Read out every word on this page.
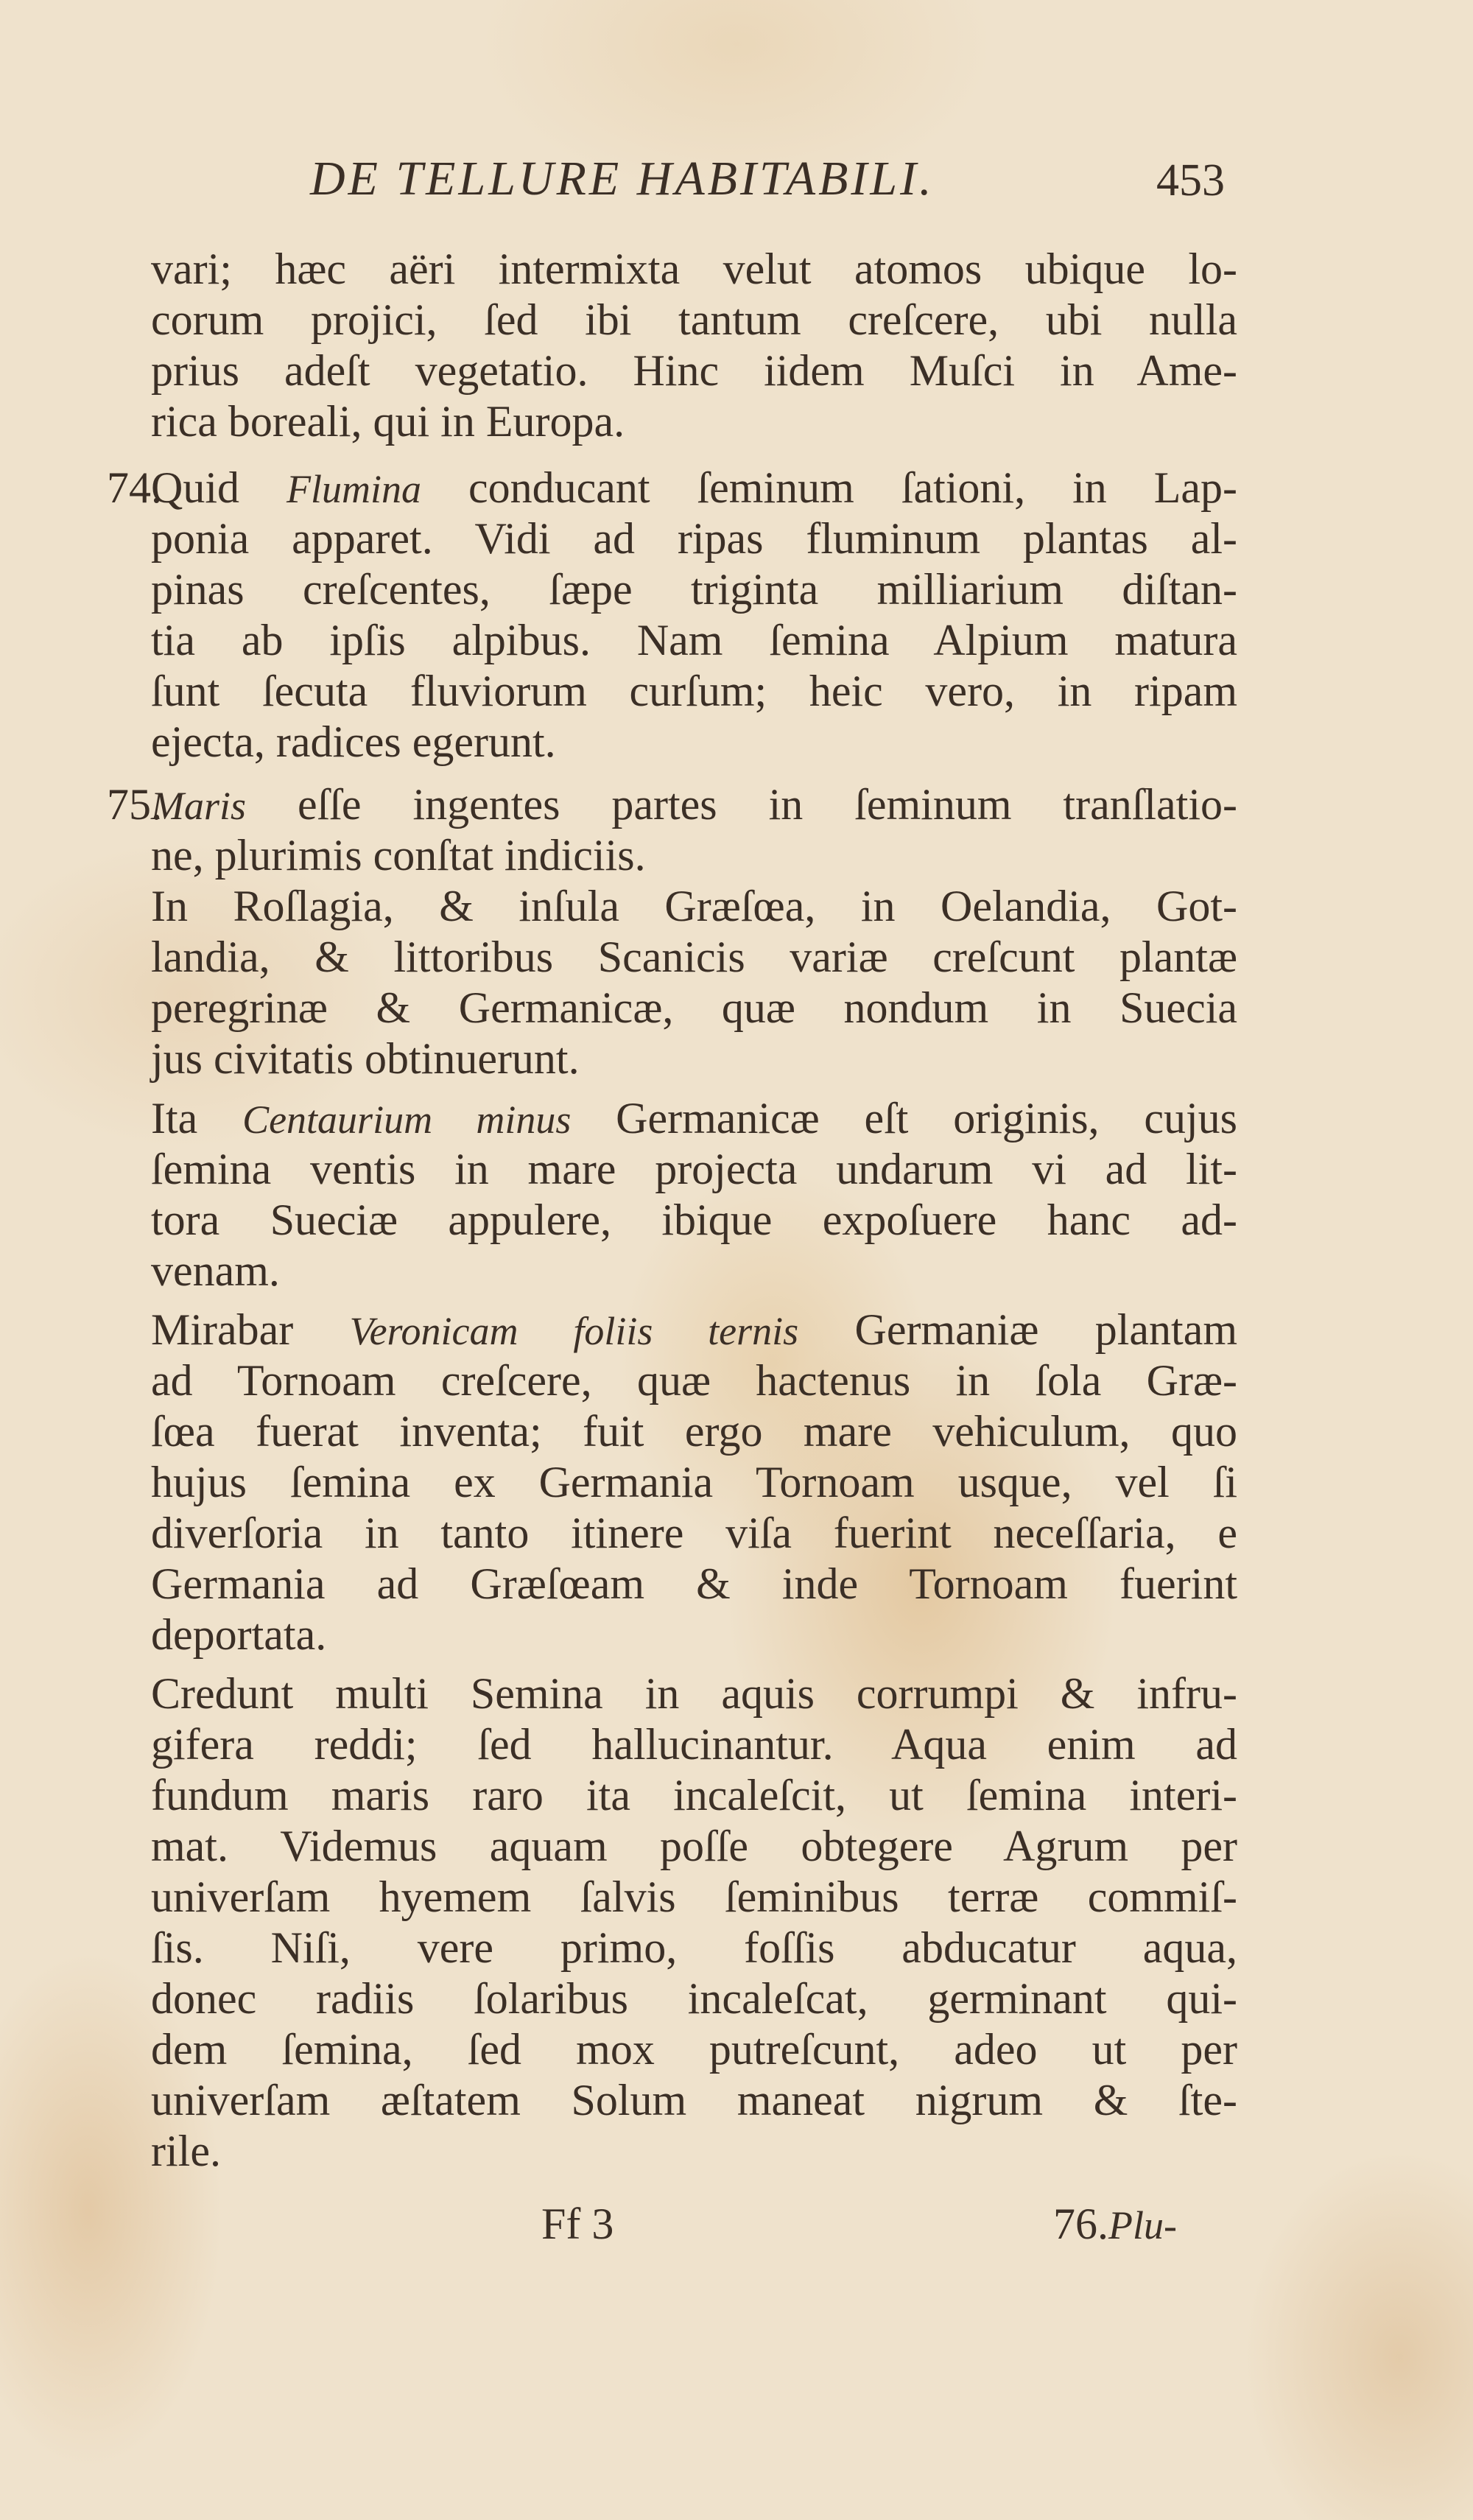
DE TELLURE HABITABILI.	453
vari; hæc aëri intermixta velut atomos ubique lo-
corum projici, ſed ibi tantum creſcere, ubi nulla
prius adeſt vegetatio. Hinc iidem Muſci in Ame-
rica boreali, qui in Europa.
74.Quid Flumina conducant ſeminum ſationi, in Lap-
ponia apparet. Vidi ad ripas fluminum plantas al-
pinas creſcentes, ſæpe triginta milliarium diſtan-
tia ab ipſis alpibus. Nam ſemina Alpium matura
ſunt ſecuta fluviorum curſum; heic vero, in ripam
ejecta, radices egerunt.
75.Maris eſſe ingentes partes in ſeminum tranſlatio-
ne, plurimis conſtat indiciis.
In Roſlagia, & inſula Græſœa, in Oelandia, Got-
landia, & littoribus Scanicis variæ creſcunt plantæ
peregrinæ & Germanicæ, quæ nondum in Suecia
jus civitatis obtinuerunt.
Ita Centaurium minus Germanicæ eſt originis, cujus
ſemina ventis in mare projecta undarum vi ad lit-
tora Sueciæ appulere, ibique expoſuere hanc ad-
venam.
Mirabar Veronicam foliis ternis Germaniæ plantam
ad Tornoam creſcere, quæ hactenus in ſola Græ-
ſœa fuerat inventa; fuit ergo mare vehiculum, quo
hujus ſemina ex Germania Tornoam usque, vel ſi
diverſoria in tanto itinere viſa fuerint neceſſaria, e
Germania ad Græſœam & inde Tornoam fuerint
deportata.
Credunt multi Semina in aquis corrumpi & infru-
gifera reddi; ſed hallucinantur. Aqua enim ad
fundum maris raro ita incaleſcit, ut ſemina interi-
mat. Videmus aquam poſſe obtegere Agrum per
univerſam hyemem ſalvis ſeminibus terræ commiſ-
ſis. Niſi, vere primo, foſſis abducatur aqua,
donec radiis ſolaribus incaleſcat, germinant qui-
dem ſemina, ſed mox putreſcunt, adeo ut per
univerſam æſtatem Solum maneat nigrum & ſte-
rile.
Ff 3	76.Plu-
